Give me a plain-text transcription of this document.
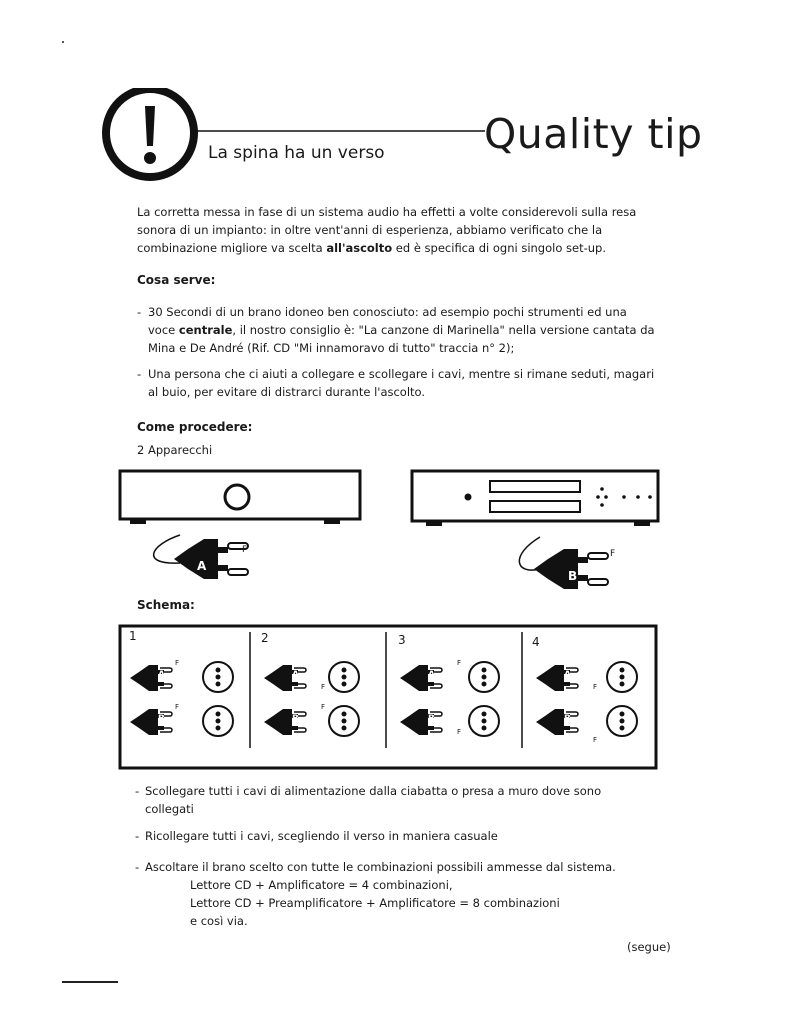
Quality tip
La spina ha un verso
La corretta messa in fase di un sistema audio ha effetti a volte considerevoli sulla resa sonora di un impianto: in oltre vent'anni di esperienza, abbiamo verificato che la combinazione migliore va scelta all'ascolto ed è specifica di ogni singolo set-up.
Cosa serve:
- 30 Secondi di un brano idoneo ben conosciuto: ad esempio pochi strumenti ed una voce centrale, il nostro consiglio è: "La canzone di Marinella" nella versione cantata da Mina e De André (Rif. CD "Mi innamoravo di tutto" traccia n° 2);
- Una persona che ci aiuti a collegare e scollegare i cavi, mentre si rimane seduti, magari al buio, per evitare di distrarci durante l'ascolto.
Come procedere:
2 Apparecchi
A
F
B
F
Schema:
1	2	3	4
A
B
A
B
A
B
A
B
F
F
F
F
F
F
F
F
- Scollegare tutti i cavi di alimentazione dalla ciabatta o presa a muro dove sono collegati
- Ricollegare tutti i cavi, scegliendo il verso in maniera casuale
- Ascoltare il brano scelto con tutte le combinazioni possibili ammesse dal sistema.
Lettore CD + Amplificatore = 4 combinazioni,
Lettore CD + Preamplificatore + Amplificatore = 8 combinazioni
e così via.
(segue)
